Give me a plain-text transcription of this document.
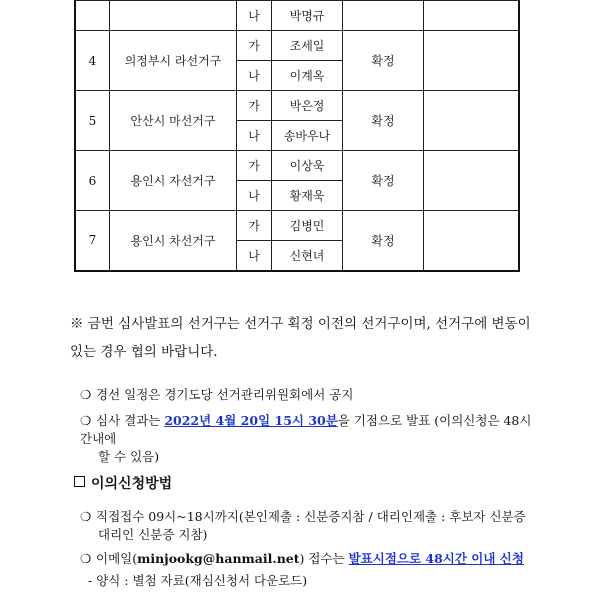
		나	박명규		
4	의정부시 라선거구	가	조세일	확정	
		나	이계옥		
5	안산시 마선거구	가	박은정	확정	
		나	송바우나		
6	용인시 자선거구	가	이상욱	확정	
		나	황재욱		
7	용인시 차선거구	가	김병민	확정	
		나	신현녀		
※ 금번 심사발표의 선거구는 선거구 획정 이전의 선거구이며, 선거구에 변동이 있는 경우 협의 바랍니다.
❍ 경선 일정은 경기도당 선거관리위원회에서 공지
❍ 심사 결과는 2022년 4월 20일 15시 30분을 기점으로 발표 (이의신청은 48시간내에
할 수 있음)
이의신청방법
❍ 직접접수 09시~18시까지(본인제출 : 신분증지참 / 대리인제출 : 후보자 신분증
대리인 신분증 지참)
❍ 이메일(minjookg@hanmail.net) 접수는 발표시점으로 48시간 이내 신청
- 양식 : 별첨 자료(재심신청서 다운로드)
